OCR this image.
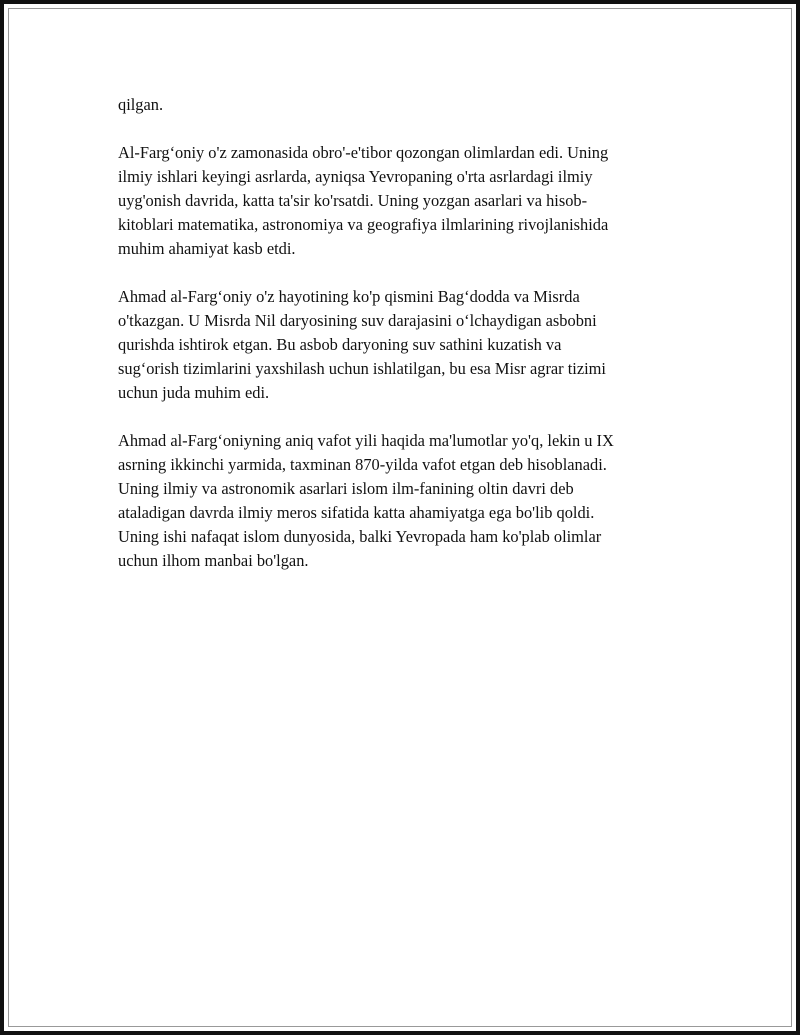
qilgan.

Al-Farg‘oniy o'z zamonasida obro'-e'tibor qozongan olimlardan edi. Uning
ilmiy ishlari keyingi asrlarda, ayniqsa Yevropaning o'rta asrlardagi ilmiy
uyg'onish davrida, katta ta'sir ko'rsatdi. Uning yozgan asarlari va hisob-
kitoblari matematika, astronomiya va geografiya ilmlarining rivojlanishida
muhim ahamiyat kasb etdi.

Ahmad al-Farg‘oniy o'z hayotining ko'p qismini Bag‘dodda va Misrda
o'tkazgan. U Misrda Nil daryosining suv darajasini o‘lchaydigan asbobni
qurishda ishtirok etgan. Bu asbob daryoning suv sathini kuzatish va
sug‘orish tizimlarini yaxshilash uchun ishlatilgan, bu esa Misr agrar tizimi
uchun juda muhim edi.

Ahmad al-Farg‘oniyning aniq vafot yili haqida ma'lumotlar yo'q, lekin u IX
asrning ikkinchi yarmida, taxminan 870-yilda vafot etgan deb hisoblanadi.
Uning ilmiy va astronomik asarlari islom ilm-fanining oltin davri deb
ataladigan davrda ilmiy meros sifatida katta ahamiyatga ega bo'lib qoldi.
Uning ishi nafaqat islom dunyosida, balki Yevropada ham ko'plab olimlar
uchun ilhom manbai bo'lgan.
